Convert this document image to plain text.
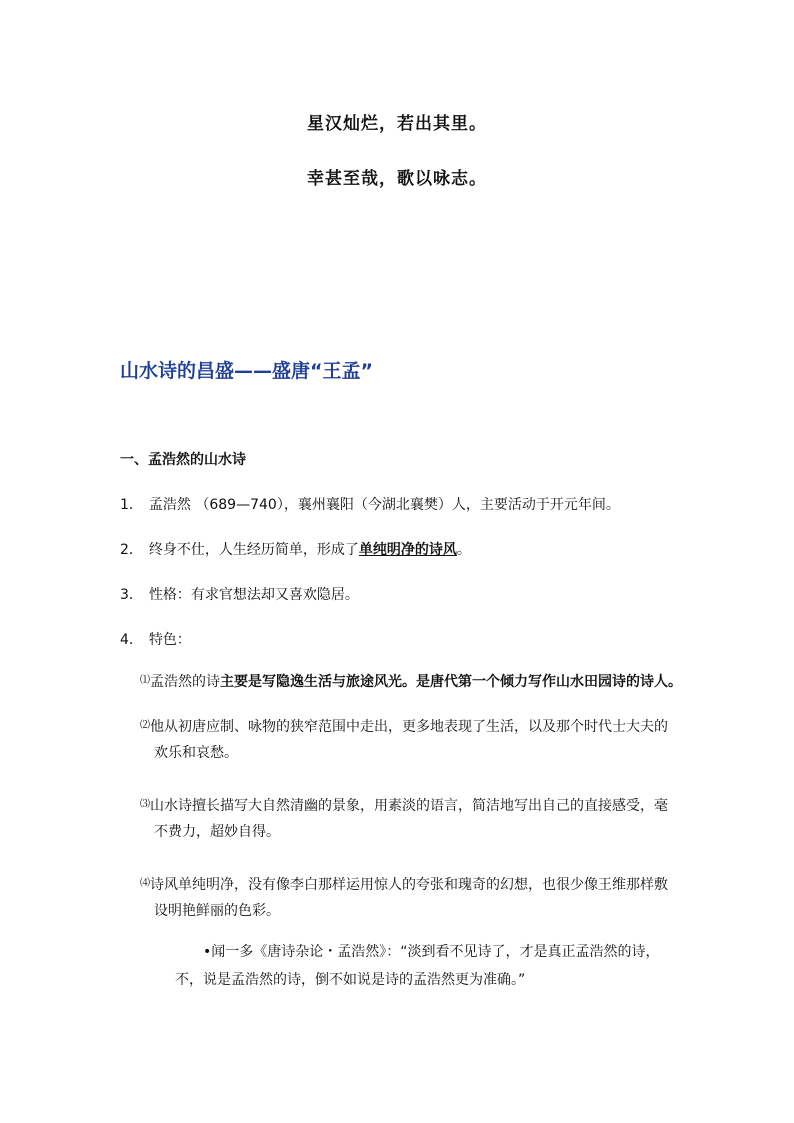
星汉灿烂，若出其里。
幸甚至哉，歌以咏志。
山水诗的昌盛——盛唐“王孟”
一、孟浩然的山水诗
1． 孟浩然 （689—740），襄州襄阳（今湖北襄樊）人，主要活动于开元年间。
2． 终身不仕，人生经历简单，形成了单纯明净的诗风。
3． 性格：有求官想法却又喜欢隐居。
4． 特色：
⑴孟浩然的诗主要是写隐逸生活与旅途风光。是唐代第一个倾力写作山水田园诗的诗人。
⑵他从初唐应制、咏物的狭窄范围中走出，更多地表现了生活，以及那个时代士大夫的
欢乐和哀愁。
⑶山水诗擅长描写大自然清幽的景象，用素淡的语言，简洁地写出自己的直接感受，毫
不费力，超妙自得。
⑷诗风单纯明净，没有像李白那样运用惊人的夸张和瑰奇的幻想，也很少像王维那样敷
设明艳鲜丽的色彩。
•闻一多《唐诗杂论・孟浩然》：“淡到看不见诗了，才是真正孟浩然的诗，
不，说是孟浩然的诗，倒不如说是诗的孟浩然更为准确。”
